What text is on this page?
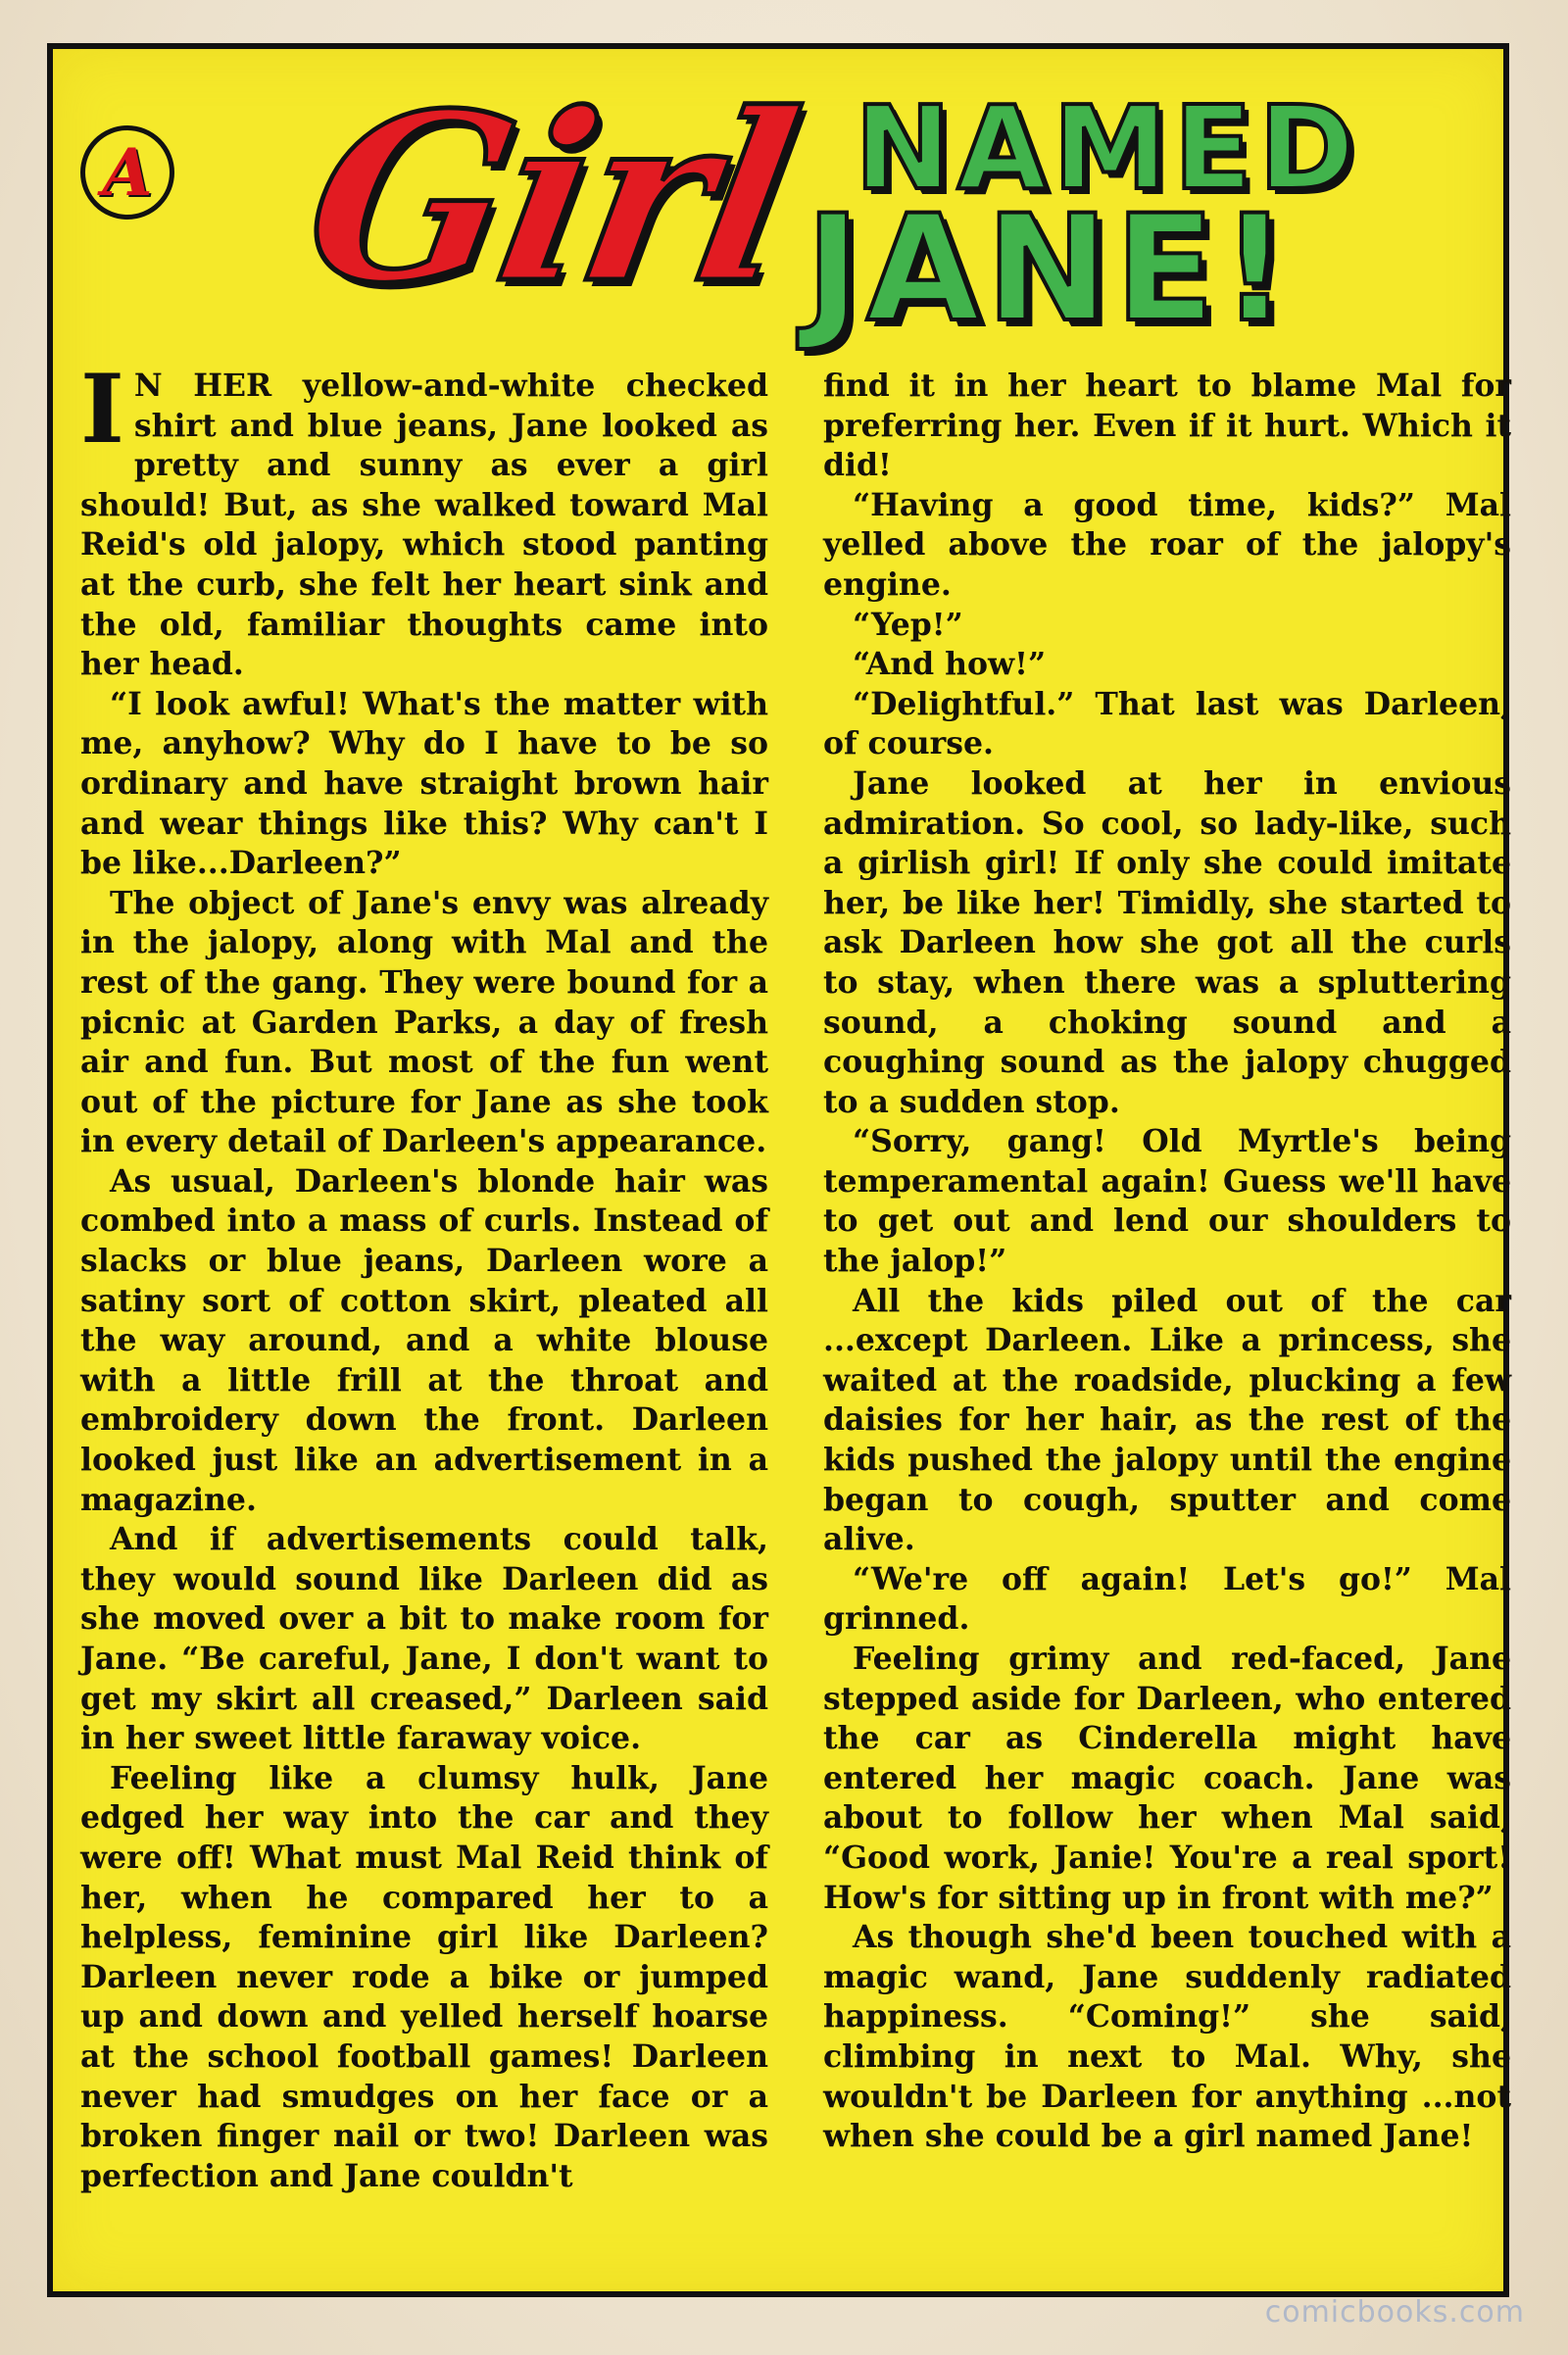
A Girl NAMED
JANE!

I N HER yellow-and-white checked shirt and blue jeans, Jane looked as pretty and sunny as ever a girl should! But, as she walked toward Mal Reid's old jalopy, which stood panting at the curb, she felt her heart sink and the old, familiar thoughts came into her head.

“I look awful! What's the matter with me, anyhow? Why do I have to be so ordinary and have straight brown hair and wear things like this? Why can't I be like...Darleen?”

The object of Jane's envy was already in the jalopy, along with Mal and the rest of the gang. They were bound for a picnic at Garden Parks, a day of fresh air and fun. But most of the fun went out of the picture for Jane as she took in every detail of Darleen's appearance.

As usual, Darleen's blonde hair was combed into a mass of curls. Instead of slacks or blue jeans, Darleen wore a satiny sort of cotton skirt, pleated all the way around, and a white blouse with a little frill at the throat and embroidery down the front. Darleen looked just like an advertisement in a magazine.

And if advertisements could talk, they would sound like Darleen did as she moved over a bit to make room for Jane. “Be careful, Jane, I don't want to get my skirt all creased,” Darleen said in her sweet little faraway voice.

Feeling like a clumsy hulk, Jane edged her way into the car and they were off! What must Mal Reid think of her, when he compared her to a helpless, feminine girl like Darleen? Darleen never rode a bike or jumped up and down and yelled herself hoarse at the school football games! Darleen never had smudges on her face or a broken finger nail or two! Darleen was perfection and Jane couldn't

find it in her heart to blame Mal for preferring her. Even if it hurt. Which it did!

“Having a good time, kids?” Mal yelled above the roar of the jalopy's engine.

“Yep!”

“And how!”

“Delightful.” That last was Darleen, of course.

Jane looked at her in envious admiration. So cool, so lady-like, such a girlish girl! If only she could imitate her, be like her! Timidly, she started to ask Darleen how she got all the curls to stay, when there was a spluttering sound, a choking sound and a coughing sound as the jalopy chugged to a sudden stop.

“Sorry, gang! Old Myrtle's being temperamental again! Guess we'll have to get out and lend our shoulders to the jalop!”

All the kids piled out of the car ...except Darleen. Like a princess, she waited at the roadside, plucking a few daisies for her hair, as the rest of the kids pushed the jalopy until the engine began to cough, sputter and come alive.

“We're off again! Let's go!” Mal grinned.

Feeling grimy and red-faced, Jane stepped aside for Darleen, who entered the car as Cinderella might have entered her magic coach. Jane was about to follow her when Mal said, “Good work, Janie! You're a real sport! How's for sitting up in front with me?”

As though she'd been touched with a magic wand, Jane suddenly radiated happiness. “Coming!” she said, climbing in next to Mal. Why, she wouldn't be Darleen for anything ...not when she could be a girl named Jane!

comicbooks.com
